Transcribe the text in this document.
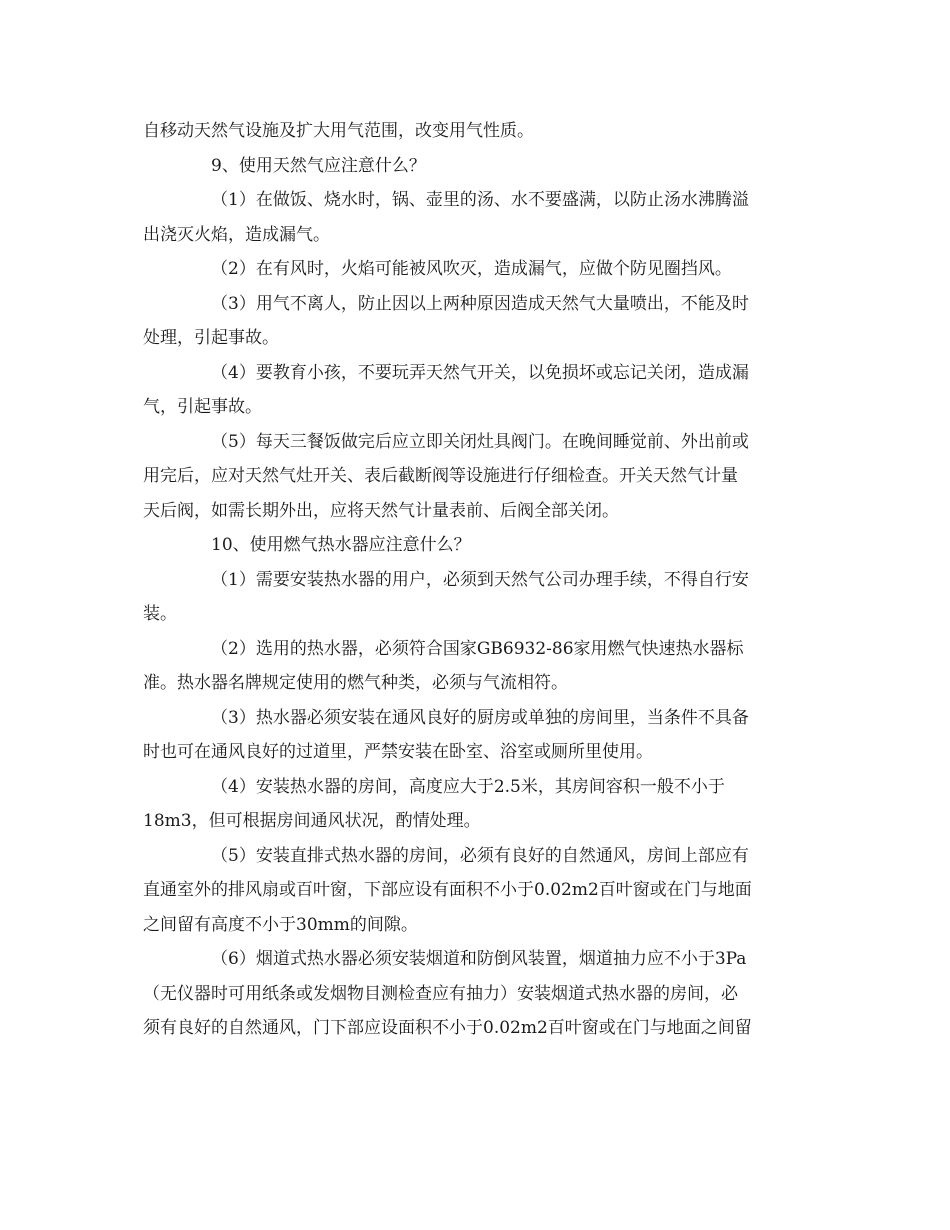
自移动天然气设施及扩大用气范围，改变用气性质。
9、使用天然气应注意什么？
（1）在做饭、烧水时，锅、壶里的汤、水不要盛满，以防止汤水沸腾溢
出浇灭火焰，造成漏气。
（2）在有风时，火焰可能被风吹灭，造成漏气，应做个防见圈挡风。
（3）用气不离人，防止因以上两种原因造成天然气大量喷出，不能及时
处理，引起事故。
（4）要教育小孩，不要玩弄天然气开关，以免损坏或忘记关闭，造成漏
气，引起事故。
（5）每天三餐饭做完后应立即关闭灶具阀门。在晚间睡觉前、外出前或
用完后，应对天然气灶开关、表后截断阀等设施进行仔细检查。开关天然气计量
天后阀，如需长期外出，应将天然气计量表前、后阀全部关闭。
10、使用燃气热水器应注意什么？
（1）需要安装热水器的用户，必须到天然气公司办理手续，不得自行安
装。
（2）选用的热水器，必须符合国家GB6932-86家用燃气快速热水器标
准。热水器名牌规定使用的燃气种类，必须与气流相符。
（3）热水器必须安装在通风良好的厨房或单独的房间里，当条件不具备
时也可在通风良好的过道里，严禁安装在卧室、浴室或厕所里使用。
（4）安装热水器的房间，高度应大于2.5米，其房间容积一般不小于
18m3，但可根据房间通风状况，酌情处理。
（5）安装直排式热水器的房间，必须有良好的自然通风，房间上部应有
直通室外的排风扇或百叶窗，下部应设有面积不小于0.02m2百叶窗或在门与地面
之间留有高度不小于30mm的间隙。
（6）烟道式热水器必须安装烟道和防倒风装置，烟道抽力应不小于3Pa
（无仪器时可用纸条或发烟物目测检查应有抽力）安装烟道式热水器的房间，必
须有良好的自然通风，门下部应设面积不小于0.02m2百叶窗或在门与地面之间留
